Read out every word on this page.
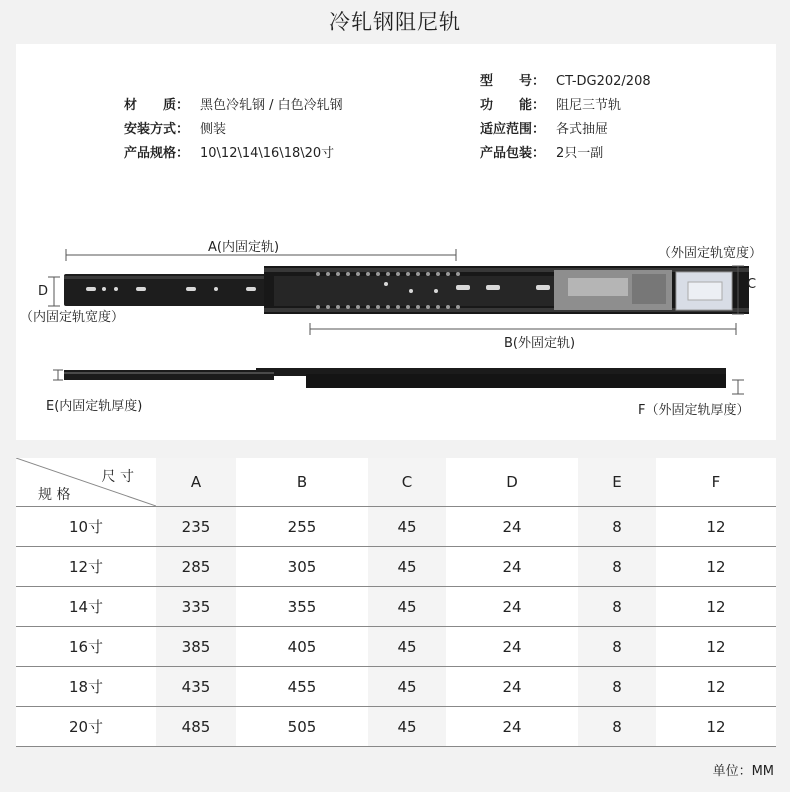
冷轧钢阻尼轨
材　　质： 黑色冷轧钢 / 白色冷轧钢
安装方式： 侧装
产品规格： 10\12\14\16\18\20寸
型　　号： CT-DG202/208
功　　能： 阻尼三节轨
适应范围： 各式抽屉
产品包装： 2只一副
A(内固定轨)	（外固定轨宽度）
C
D
（内固定轨宽度）
B(外固定轨)
E(内固定轨厚度)	F（外固定轨厚度）
尺 寸
规 格	A	B	C	D	E	F
10寸	235	255	45	24	8	12
12寸	285	305	45	24	8	12
14寸	335	355	45	24	8	12
16寸	385	405	45	24	8	12
18寸	435	455	45	24	8	12
20寸	485	505	45	24	8	12
单位：MM
